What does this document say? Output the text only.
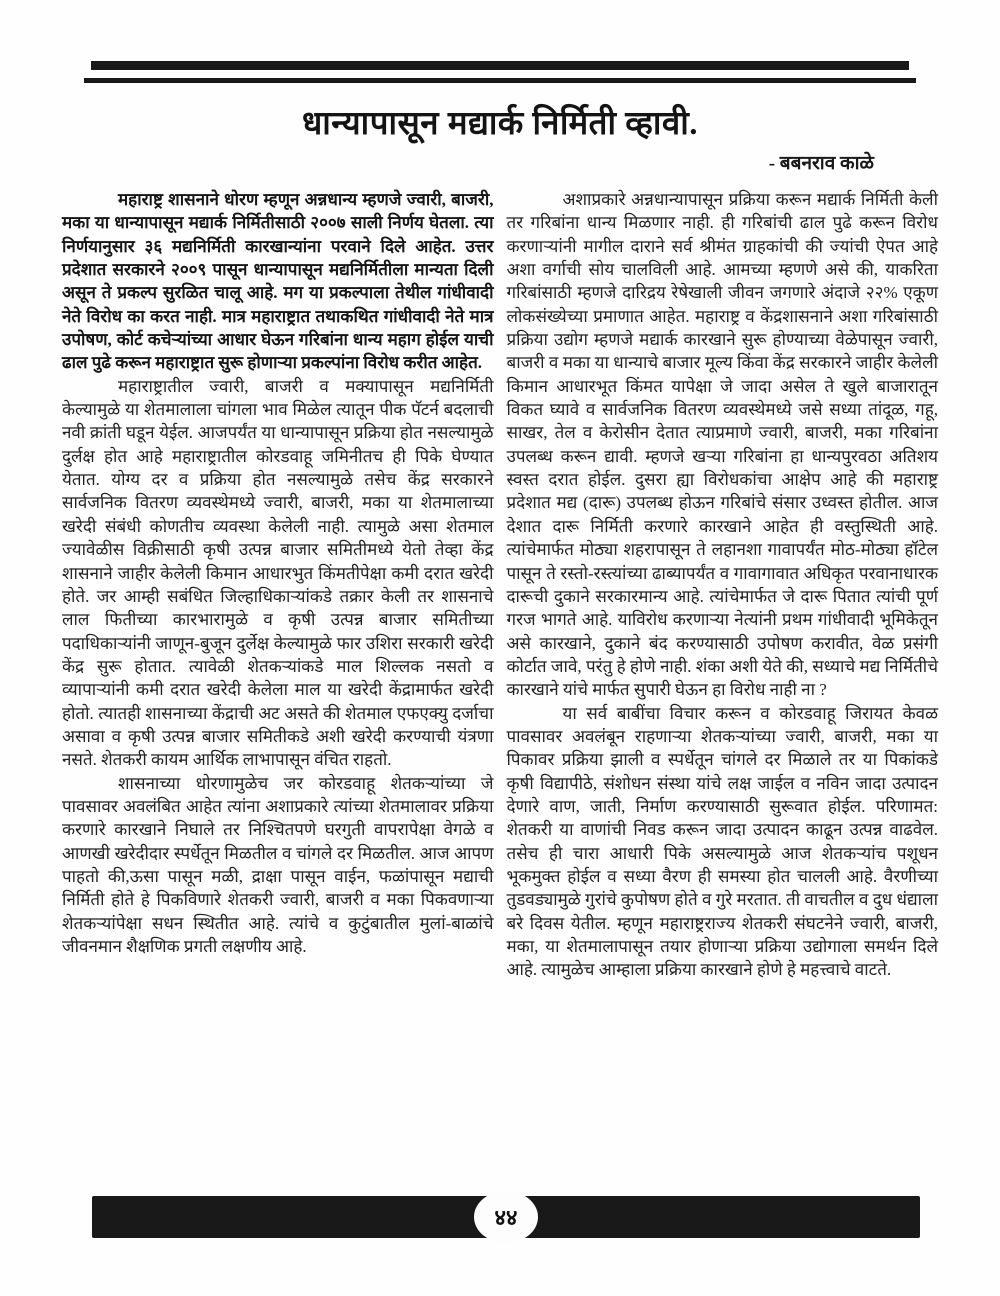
धान्यापासून मद्यार्क निर्मिती व्हावी.
- बबनराव काळे

महाराष्ट्र शासनाने धोरण म्हणून अन्नधान्य म्हणजे ज्वारी, बाजरी, मका या धान्यापासून मद्यार्क निर्मितीसाठी २००७ साली निर्णय घेतला. त्या निर्णयानुसार ३६ मद्यनिर्मिती कारखान्यांना परवाने दिले आहेत. उत्तर प्रदेशात सरकारने २००९ पासून धान्यापासून मद्यनिर्मितीला मान्यता दिली असून ते प्रकल्प सुरळित चालू आहे. मग या प्रकल्पाला तेथील गांधीवादी नेते विरोध का करत नाही. मात्र महाराष्ट्रात तथाकथित गांधीवादी नेते मात्र उपोषण, कोर्ट कचेऱ्यांच्या आधार घेऊन गरिबांना धान्य महाग होईल याची ढाल पुढे करून महाराष्ट्रात सुरू होणाऱ्या प्रकल्पांना विरोध करीत आहेत.

महाराष्ट्रातील ज्वारी, बाजरी व मक्यापासून मद्यनिर्मिती केल्यामुळे या शेतमालाला चांगला भाव मिळेल त्यातून पीक पॅटर्न बदलाची नवी क्रांती घडून येईल. आजपर्यंत या धान्यापासून प्रक्रिया होत नसल्यामुळे दुर्लक्ष होत आहे महाराष्ट्रातील कोरडवाहू जमिनीतच ही पिके घेण्यात येतात. योग्य दर व प्रक्रिया होत नसल्यामुळे तसेच केंद्र सरकारने सार्वजनिक वितरण व्यवस्थेमध्ये ज्वारी, बाजरी, मका या शेतमालाच्या खरेदी संबंधी कोणतीच व्यवस्था केलेली नाही. त्यामुळे असा शेतमाल ज्यावेळीस विक्रीसाठी कृषी उत्पन्न बाजार समितीमध्ये येतो तेव्हा केंद्र शासनाने जाहीर केलेली किमान आधारभुत किंमतीपेक्षा कमी दरात खरेदी होते. जर आम्ही सबंधित जिल्हाधिकाऱ्यांकडे तक्रार केली तर शासनाचे लाल फितीच्या कारभारामुळे व कृषी उत्पन्न बाजार समितीच्या पदाधिकाऱ्यांनी जाणून-बुजून दुर्लेक्ष केल्यामुळे फार उशिरा सरकारी खरेदी केंद्र सुरू होतात. त्यावेळी शेतकऱ्यांकडे माल शिल्लक नसतो व व्यापाऱ्यांनी कमी दरात खरेदी केलेला माल या खरेदी केंद्रामार्फत खरेदी होतो. त्यातही शासनाच्या केंद्राची अट असते की शेतमाल एफएक्यु दर्जाचा असावा व कृषी उत्पन्न बाजार समितीकडे अशी खरेदी करण्याची यंत्रणा नसते. शेतकरी कायम आर्थिक लाभापासून वंचित राहतो.

शासनाच्या धोरणामुळेच जर कोरडवाहू शेतकऱ्यांच्या जे पावसावर अवलंबित आहेत त्यांना अशाप्रकारे त्यांच्या शेतमालावर प्रक्रिया करणारे कारखाने निघाले तर निश्चितपणे घरगुती वापरापेक्षा वेगळे व आणखी खरेदीदार स्पर्धेतून मिळतील व चांगले दर मिळतील. आज आपण पाहतो की,ऊसा पासून मळी, द्राक्षा पासून वाईन, फळांपासून मद्याची निर्मिती होते हे पिकविणारे शेतकरी ज्वारी, बाजरी व मका पिकवणाऱ्या शेतकऱ्यांपेक्षा सधन स्थितीत आहे. त्यांचे व कुटुंबातील मुलां-बाळांचे जीवनमान शैक्षणिक प्रगती लक्षणीय आहे.

अशाप्रकारे अन्नधान्यापासून प्रक्रिया करून मद्यार्क निर्मिती केली तर गरिबांना धान्य मिळणार नाही. ही गरिबांची ढाल पुढे करून विरोध करणाऱ्यांनी मागील दाराने सर्व श्रीमंत ग्राहकांची की ज्यांची ऐपत आहे अशा वर्गाची सोय चालविली आहे. आमच्या म्हणणे असे की, याकरिता गरिबांसाठी म्हणजे दारिद्रय रेषेखाली जीवन जगणारे अंदाजे २२% एकूण लोकसंख्येच्या प्रमाणात आहेत. महाराष्ट्र व केंद्रशासनाने अशा गरिबांसाठी प्रक्रिया उद्योग म्हणजे मद्यार्क कारखाने सुरू होण्याच्या वेळेपासून ज्वारी, बाजरी व मका या धान्याचे बाजार मूल्य किंवा केंद्र सरकारने जाहीर केलेली किमान आधारभूत किंमत यापेक्षा जे जादा असेल ते खुले बाजारातून विकत घ्यावे व सार्वजनिक वितरण व्यवस्थेमध्ये जसे सध्या तांदूळ, गहू, साखर, तेल व केरोसीन देतात त्याप्रमाणे ज्वारी, बाजरी, मका गरिबांना उपलब्ध करून द्यावी. म्हणजे खऱ्या गरिबांना हा धान्यपुरवठा अतिशय स्वस्त दरात होईल. दुसरा ह्या विरोधकांचा आक्षेप आहे की महाराष्ट्र प्रदेशात मद्य (दारू) उपलब्ध होऊन गरिबांचे संसार उध्वस्त होतील. आज देशात दारू निर्मिती करणारे कारखाने आहेत ही वस्तुस्थिती आहे. त्यांचेमार्फत मोठ्या शहरापासून ते लहानशा गावापर्यंत मोठ-मोठ्या हॉटेल पासून ते रस्तो-रस्त्यांच्या ढाब्यापर्यंत व गावागावात अधिकृत परवानाधारक दारूची दुकाने सरकारमान्य आहे. त्यांचेमार्फत जे दारू पितात त्यांची पूर्ण गरज भागते आहे. याविरोध करणाऱ्या नेत्यांनी प्रथम गांधीवादी भूमिकेतून असे कारखाने, दुकाने बंद करण्यासाठी उपोषण करावीत, वेळ प्रसंगी कोर्टात जावे, परंतु हे होणे नाही. शंका अशी येते की, सध्याचे मद्य निर्मितीचे कारखाने यांचे मार्फत सुपारी घेऊन हा विरोध नाही ना ?

या सर्व बाबींचा विचार करून व कोरडवाहू जिरायत केवळ पावसावर अवलंबून राहणाऱ्या शेतकऱ्यांच्या ज्वारी, बाजरी, मका या पिकावर प्रक्रिया झाली व स्पर्धेतून चांगले दर मिळाले तर या पिकांकडे कृषी विद्यापीठे, संशोधन संस्था यांचे लक्ष जाईल व नविन जादा उत्पादन देणारे वाण, जाती, निर्माण करण्यासाठी सुरूवात होईल. परिणामत: शेतकरी या वाणांची निवड करून जादा उत्पादन काढून उत्पन्न वाढवेल. तसेच ही चारा आधारी पिके असल्यामुळे आज शेतकऱ्यांच पशूधन भूकमुक्त होईल व सध्या वैरण ही समस्या होत चालली आहे. वैरणीच्या तुडवड्यामुळे गुरांचे कुपोषण होते व गुरे मरतात. ती वाचतील व दुध धंद्याला बरे दिवस येतील. म्हणून महाराष्ट्रराज्य शेतकरी संघटनेने ज्वारी, बाजरी, मका, या शेतमालापासून तयार होणाऱ्या प्रक्रिया उद्योगाला समर्थन दिले आहे. त्यामुळेच आम्हाला प्रक्रिया कारखाने होणे हे महत्त्वाचे वाटते.

४४
